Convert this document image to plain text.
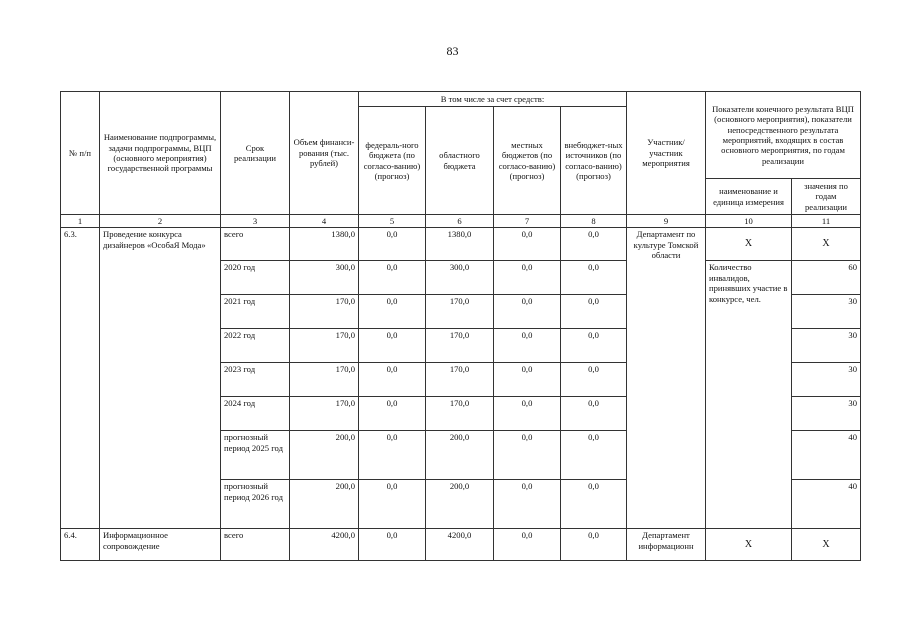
83
№ п/п	Наименование подпрограммы, задачи подпрограммы, ВЦП (основного мероприятия) государственной программы	Срок реализации	Объем финанси-рования (тыс. рублей)	В том числе за счет средств:				Участник/ участник мероприятия	Показатели конечного результата ВЦП (основного мероприятия), показатели непосредственного результата мероприятий, входящих в состав основного мероприятия, по годам реализации	
				федераль-ного бюджета (по согласо-ванию) (прогноз)	областного бюджета	местных бюджетов (по согласо-ванию) (прогноз)	внебюджет-ных источников (по согласо-ванию) (прогноз)			
									наименование и единица измерения	значения по годам реализации
1	2	3	4	5	6	7	8	9	10	11
6.3.	Проведение конкурса дизайнеров «ОсобаЯ Мода»	всего	1380,0	0,0	1380,0	0,0	0,0	Департамент по культуре Томской области	Х	Х
		2020 год	300,0	0,0	300,0	0,0	0,0		Количество инвалидов, принявших участие в конкурсе, чел.	60
		2021 год	170,0	0,0	170,0	0,0	0,0			30
		2022 год	170,0	0,0	170,0	0,0	0,0			30
		2023 год	170,0	0,0	170,0	0,0	0,0			30
		2024 год	170,0	0,0	170,0	0,0	0,0			30
		прогнозный период 2025 год	200,0	0,0	200,0	0,0	0,0			40
		прогнозный период 2026 год	200,0	0,0	200,0	0,0	0,0			40
6.4.	Информационное сопровождение	всего	4200,0	0,0	4200,0	0,0	0,0	Департамент информационн	Х	Х
